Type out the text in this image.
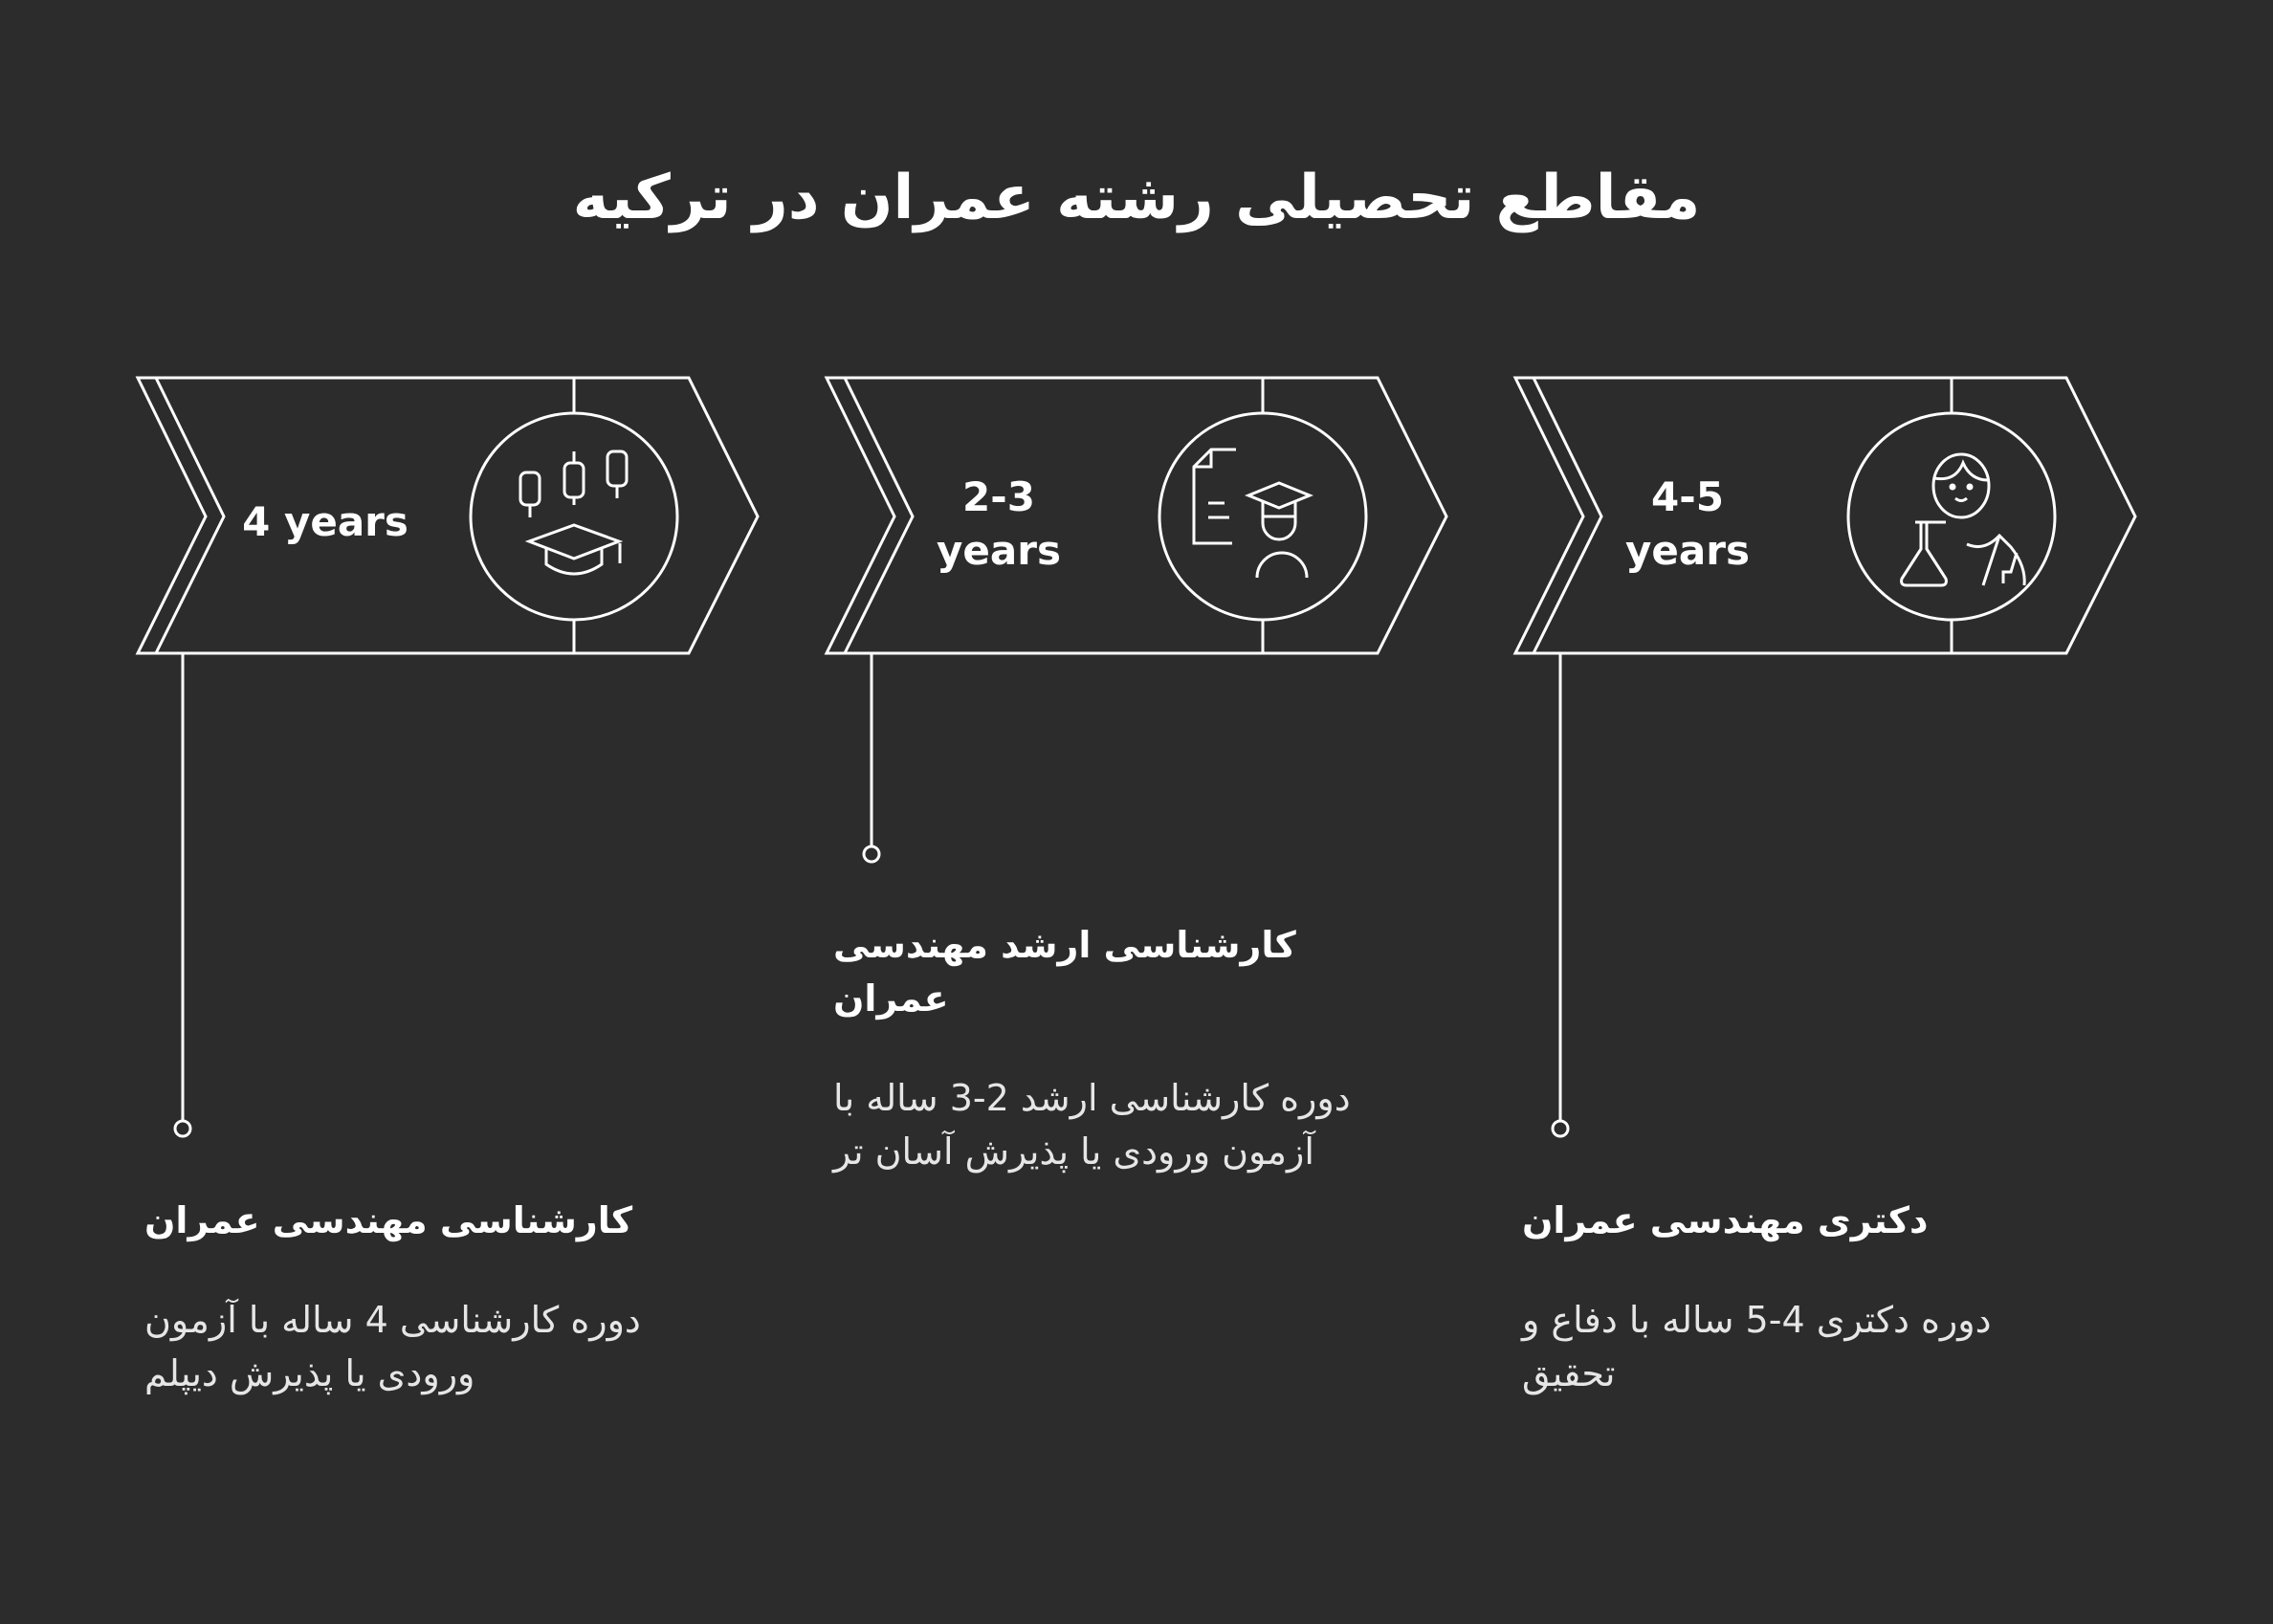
مقاطع تحصیلی رشته عمران در ترکیه
4 years
2-3
years
4-5
years
کارشناسی مهندسی عمران

دوره کارشناسی 4 ساله با آزمون ورودی یا پذیرش دیپلم

کارشناسی ارشد مهندسی عمران

دوره کارشناسی ارشد 2-3 ساله با آزمون ورودی یا پذیرش آسان تر

دکتری مهندسی عمران

دوره دکتری 4-5 ساله با دفاع و تحقیق
